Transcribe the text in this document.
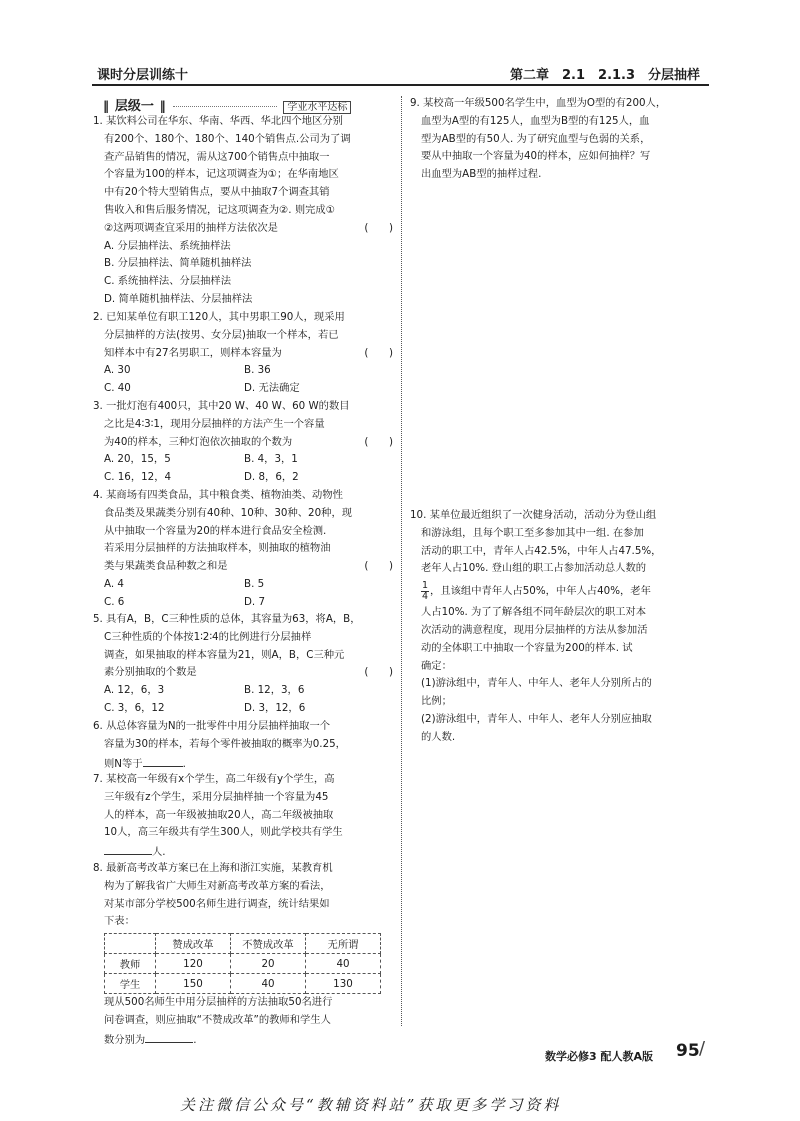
课时分层训练十	第二章　2.1　2.1.3　分层抽样
‖ 层级一 ‖	学业水平达标
1. 某饮料公司在华东、华南、华西、华北四个地区分别
有200个、180个、180个、140个销售点.公司为了调
查产品销售的情况，需从这700个销售点中抽取一
个容量为100的样本，记这项调查为①；在华南地区
中有20个特大型销售点，要从中抽取7个调查其销
售收入和售后服务情况，记这项调查为②. 则完成①
②这两项调查宜采用的抽样方法依次是	(　　)
A. 分层抽样法、系统抽样法
B. 分层抽样法、简单随机抽样法
C. 系统抽样法、分层抽样法
D. 简单随机抽样法、分层抽样法
2. 已知某单位有职工120人，其中男职工90人，现采用
分层抽样的方法(按男、女分层)抽取一个样本，若已
知样本中有27名男职工，则样本容量为	(　　)
A. 30	B. 36
C. 40	D. 无法确定
3. 一批灯泡有400只，其中20 W、40 W、60 W的数目
之比是4∶3∶1，现用分层抽样的方法产生一个容量
为40的样本，三种灯泡依次抽取的个数为	(　　)
A. 20，15，5	B. 4，3，1
C. 16，12，4	D. 8，6，2
4. 某商场有四类食品，其中粮食类、植物油类、动物性
食品类及果蔬类分别有40种、10种、30种、20种，现
从中抽取一个容量为20的样本进行食品安全检测.
若采用分层抽样的方法抽取样本，则抽取的植物油
类与果蔬类食品种数之和是	(　　)
A. 4	B. 5
C. 6	D. 7
5. 具有A，B，C三种性质的总体，其容量为63，将A，B，
C三种性质的个体按1∶2∶4的比例进行分层抽样
调查，如果抽取的样本容量为21，则A，B，C三种元
素分别抽取的个数是	(　　)
A. 12，6，3	B. 12，3，6
C. 3，6，12	D. 3，12，6
6. 从总体容量为N的一批零件中用分层抽样抽取一个
容量为30的样本，若每个零件被抽取的概率为0.25，
则N等于	.
7. 某校高一年级有x个学生，高二年级有y个学生，高
三年级有z个学生，采用分层抽样抽一个容量为45
人的样本，高一年级被抽取20人，高二年级被抽取
10人，高三年级共有学生300人，则此学校共有学生
人.
8. 最新高考改革方案已在上海和浙江实施，某教育机
构为了解我省广大师生对新高考改革方案的看法，
对某市部分学校500名师生进行调查，统计结果如
下表：
	赞成改革	不赞成改革	无所谓
教师	120	20	40
学生	150	40	130
现从500名师生中用分层抽样的方法抽取50名进行
问卷调查，则应抽取“不赞成改革”的教师和学生人
数分别为	.
9. 某校高一年级500名学生中，血型为O型的有200人，
血型为A型的有125人，血型为B型的有125人，血
型为AB型的有50人. 为了研究血型与色弱的关系，
要从中抽取一个容量为40的样本，应如何抽样？写
出血型为AB型的抽样过程.
10. 某单位最近组织了一次健身活动，活动分为登山组
和游泳组，且每个职工至多参加其中一组. 在参加
活动的职工中，青年人占42.5%，中年人占47.5%，
老年人占10%. 登山组的职工占参加活动总人数的
$\frac{1}{4}$ ，且该组中青年人占50%，中年人占40%，老年
人占10%. 为了了解各组不同年龄层次的职工对本
次活动的满意程度，现用分层抽样的方法从参加活
动的全体职工中抽取一个容量为200的样本. 试
确定：
(1)游泳组中，青年人、中年人、老年人分别所占的
比例；
(2)游泳组中，青年人、中年人、老年人分别应抽取
的人数.
数学必修3 配人教A版 95 /
关注微信公众号“教辅资料站”获取更多学习资料
